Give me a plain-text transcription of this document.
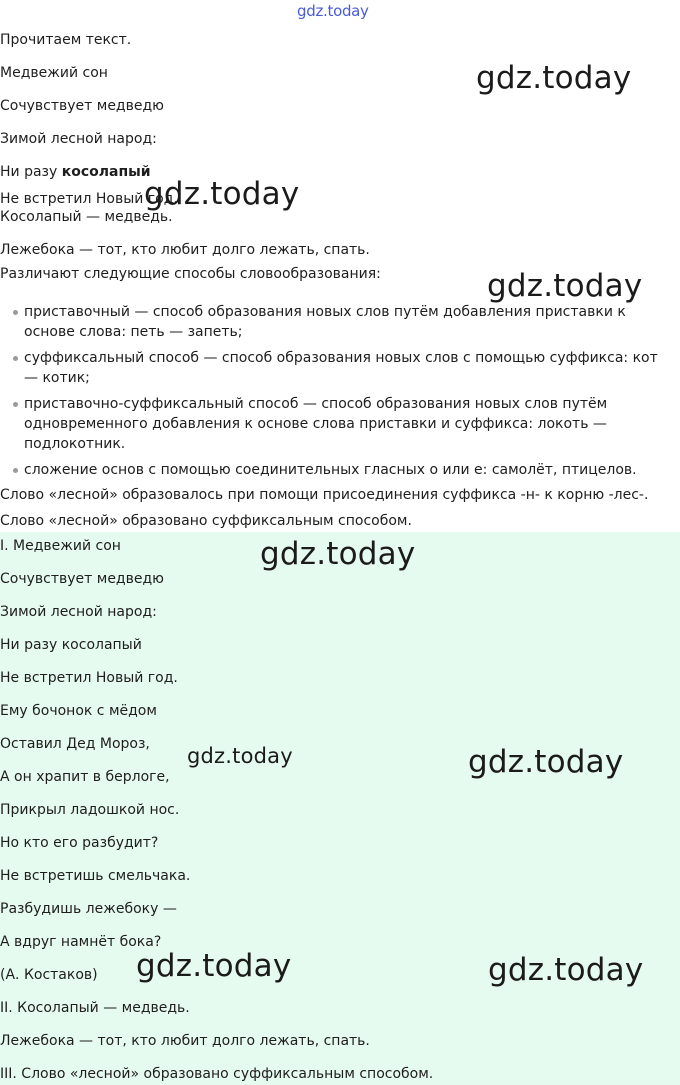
gdz.today
Прочитаем текст.
Медвежий сон
Сочувствует медведю
Зимой лесной народ:
Ни разу косолапый
Не встретил Новый год.
Косолапый — медведь.
Лежебока — тот, кто любит долго лежать, спать.
Различают следующие способы словообразования:
приставочный — способ образования новых слов путём добавления приставки к основе слова: петь — запеть;
суффиксальный способ — способ образования новых слов с помощью суффикса: кот — котик;
приставочно-суффиксальный способ — способ образования новых слов путём одновременного добавления к основе слова приставки и суффикса: локоть — подлокотник.
сложение основ с помощью соединительных гласных о или е: самолёт, птицелов.
Слово «лесной» образовалось при помощи присоединения суффикса -н- к корню -лес-.
Слово «лесной» образовано суффиксальным способом.
I. Медвежий сон
Сочувствует медведю
Зимой лесной народ:
Ни разу косолапый
Не встретил Новый год.
Ему бочонок с мёдом
Оставил Дед Мороз,
А он храпит в берлоге,
Прикрыл ладошкой нос.
Но кто его разбудит?
Не встретишь смельчака.
Разбудишь лежебоку —
А вдруг намнёт бока?
(А. Костаков)
II. Косолапый — медведь.
Лежебока — тот, кто любит долго лежать, спать.
III. Слово «лесной» образовано суффиксальным способом.
gdz.today
gdz.today
gdz.today
gdz.today
gdz.today	gdz.today
gdz.today	gdz.today
